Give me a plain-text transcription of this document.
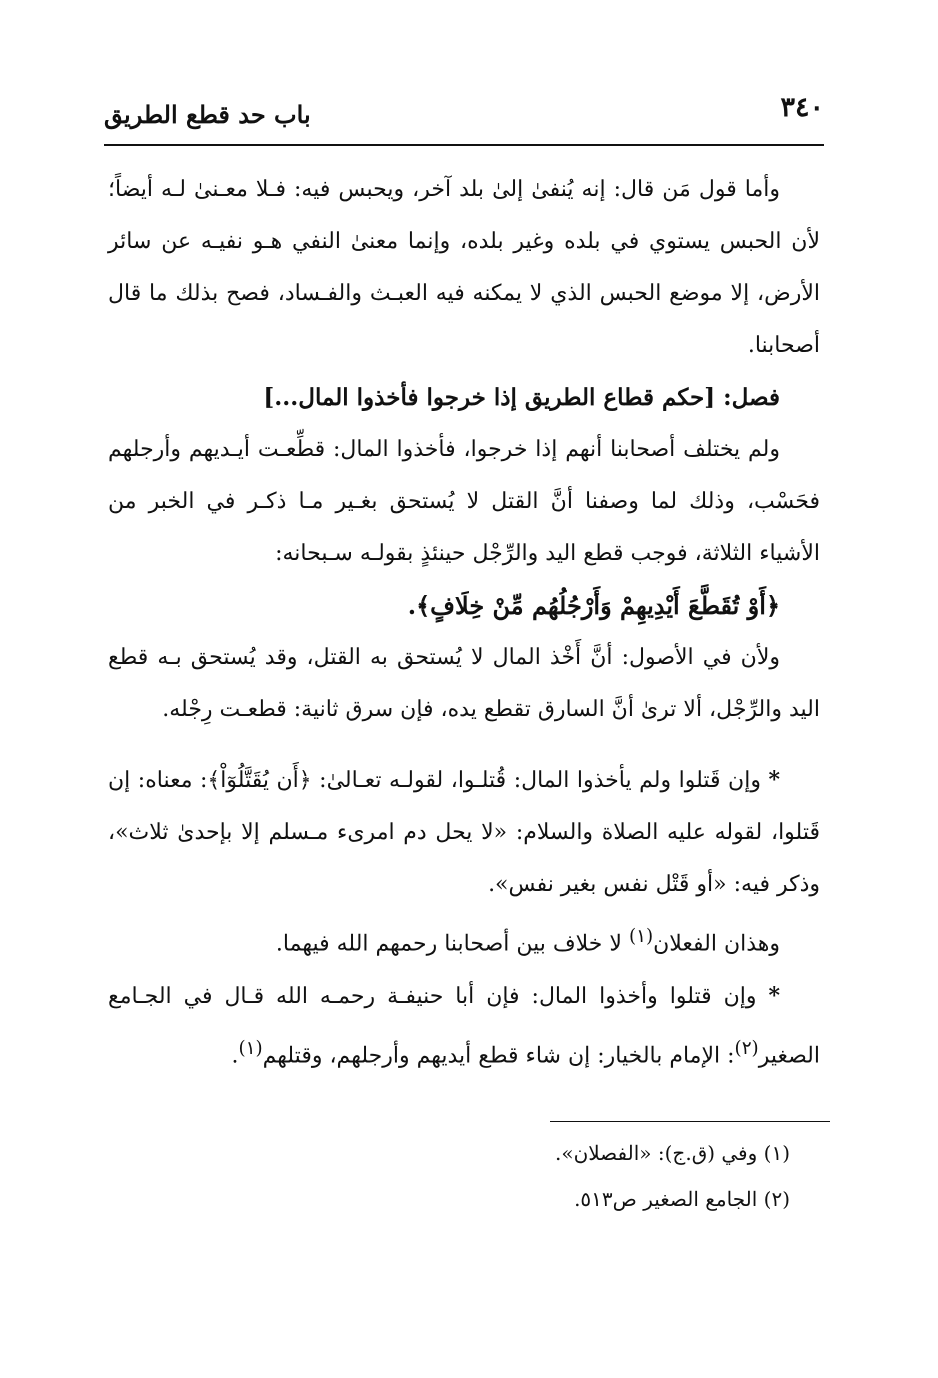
٣٤٠
باب حد قطع الطريق

وأما قول مَن قال: إنه يُنفىٰ إلىٰ بلد آخر، ويحبس فيه: فـلا معـنىٰ لـه أيضاً؛ لأن الحبس يستوي في بلده وغير بلده، وإنما معنىٰ النفي هـو نفيـه عن سائر الأرض، إلا موضع الحبس الذي لا يمكنه فيه العبـث والفـساد، فصح بذلك ما قال أصحابنا.

فصل: [حكم قطاع الطريق إذا خرجوا فأخذوا المال...]

ولم يختلف أصحابنا أنهم إذا خرجوا، فأخذوا المال: قطِّعـت أيـديهم وأرجلهم فحَسْب، وذلك لما وصفنا أنَّ القتل لا يُستحق بغـير مـا ذكـر في الخبر من الأشياء الثلاثة، فوجب قطع اليد والرِّجْل حينئذٍ بقولـه سـبحانه:

﴿أَوْ تُقَطَّعَ أَيْدِيهِمْ وَأَرْجُلُهُم مِّنْ خِلَافٍ﴾.

ولأن في الأصول: أنَّ أَخْذ المال لا يُستحق به القتل، وقد يُستحق بـه قطع اليد والرِّجْل، ألا ترىٰ أنَّ السارق تقطع يده، فإن سرق ثانية: قطعـت رِجْله.

* وإن قَتلوا ولم يأخذوا المال: قُتلـوا، لقولـه تعـالىٰ: ﴿أَن يُقَتَّلُوٓاْ﴾: معناه: إن قَتلوا، لقوله عليه الصلاة والسلام: «لا يحل دم امرىء مـسلم إلا بإحدىٰ ثلاث»، وذكر فيه: «أو قَتْل نفس بغير نفس».

وهذان الفعلان$^{(١)}$ لا خلاف بين أصحابنا رحمهم الله فيهما.

* وإن قتلوا وأخذوا المال: فإن أبا حنيفـة رحمـه الله قـال في الجـامع الصغير$^{(٢)}$: الإمام بالخيار: إن شاء قطع أيديهم وأرجلهم، وقتلهم$^{(١)}$.

(١) وفي (ق.ج): «الفصلان».
(٢) الجامع الصغير ص٥١٣.
